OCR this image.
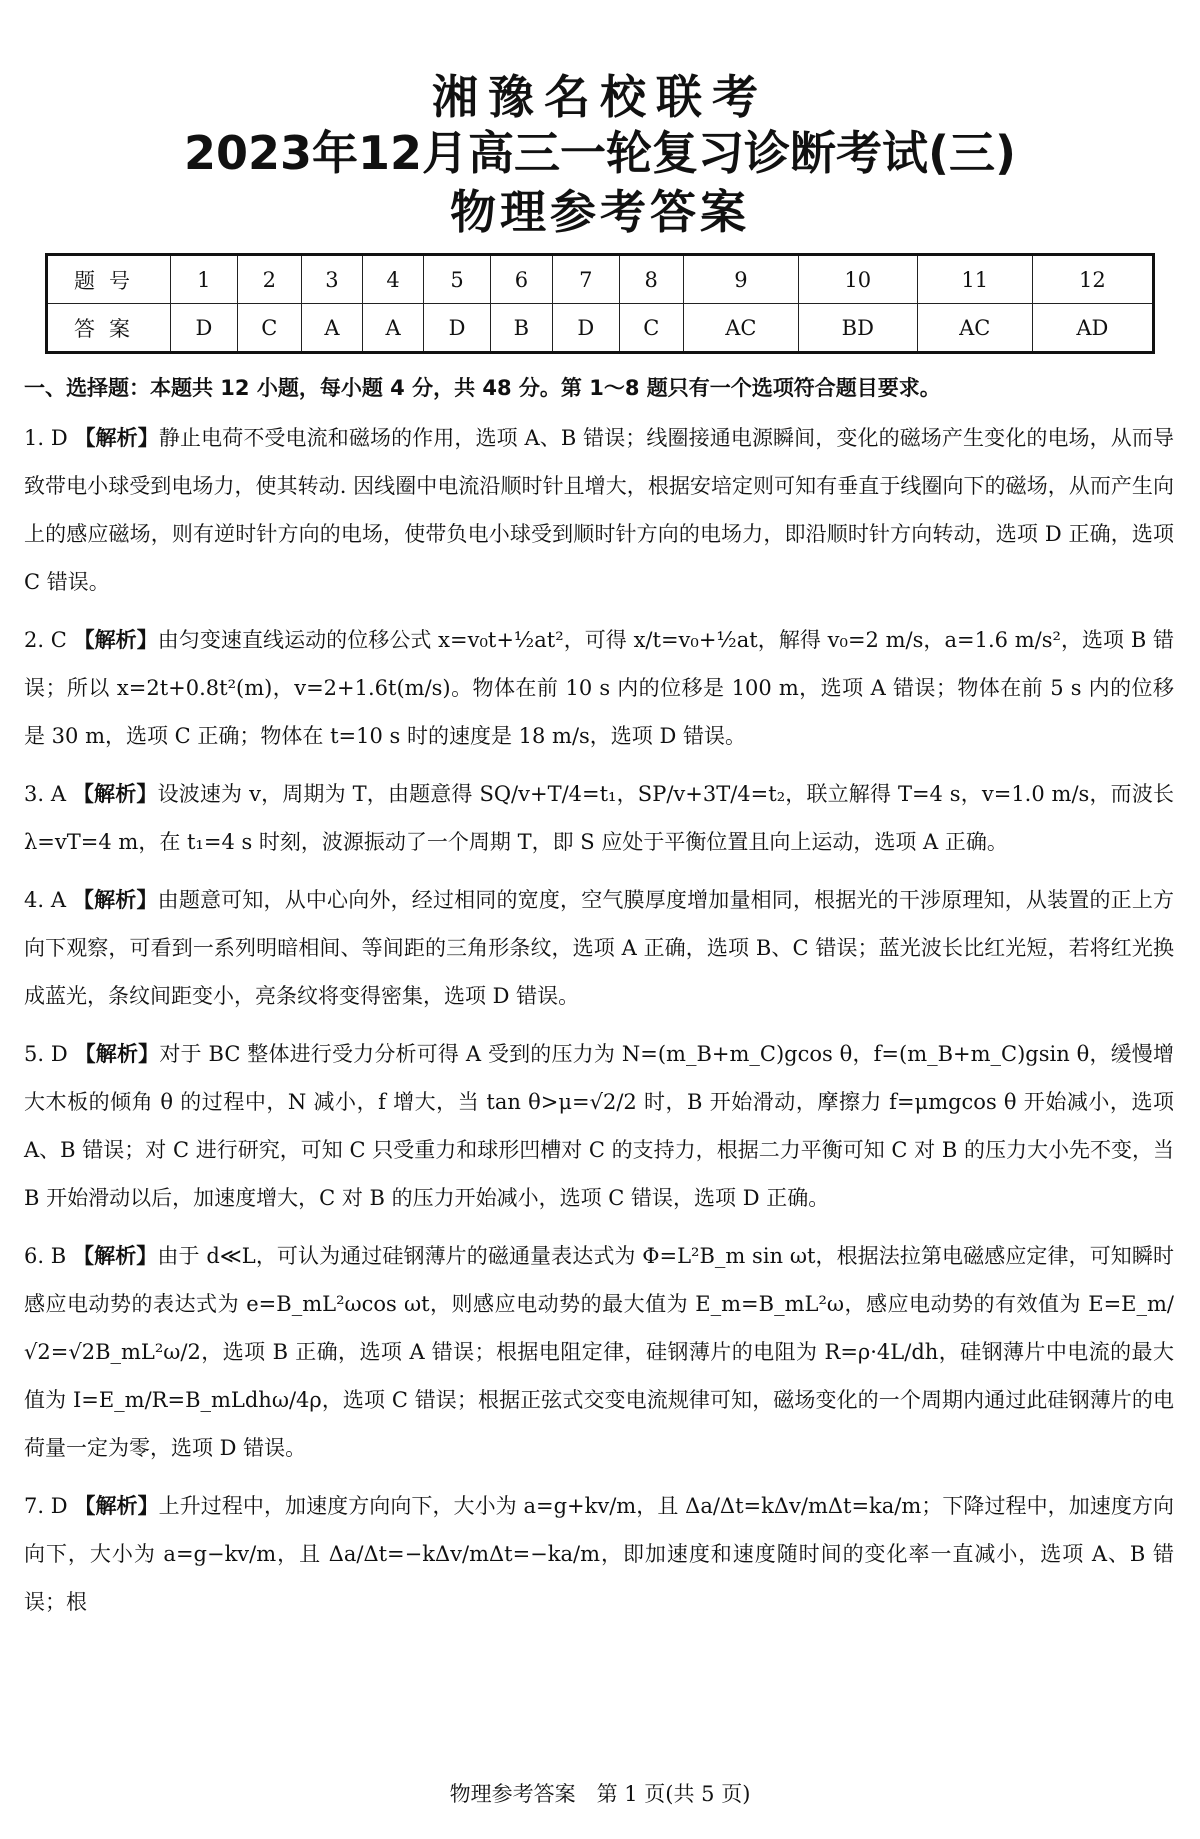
湘豫名校联考
2023年12月高三一轮复习诊断考试(三)
物理参考答案
题号	1	2	3	4	5	6	7	8	9	10	11	12
答案	D	C	A	A	D	B	D	C	AC	BD	AC	AD
一、选择题：本题共 12 小题，每小题 4 分，共 48 分。第 1～8 题只有一个选项符合题目要求。
1. D 【解析】静止电荷不受电流和磁场的作用，选项 A、B 错误；线圈接通电源瞬间，变化的磁场产生变化的电场，从而导致带电小球受到电场力，使其转动. 因线圈中电流沿顺时针且增大，根据安培定则可知有垂直于线圈向下的磁场，从而产生向上的感应磁场，则有逆时针方向的电场，使带负电小球受到顺时针方向的电场力，即沿顺时针方向转动，选项 D 正确，选项 C 错误。
2. C 【解析】由匀变速直线运动的位移公式 x=v₀t+½at²，可得 x/t=v₀+½at，解得 v₀=2 m/s，a=1.6 m/s²，选项 B 错误；所以 x=2t+0.8t²(m)，v=2+1.6t(m/s)。物体在前 10 s 内的位移是 100 m，选项 A 错误；物体在前 5 s 内的位移是 30 m，选项 C 正确；物体在 t=10 s 时的速度是 18 m/s，选项 D 错误。
3. A 【解析】设波速为 v，周期为 T，由题意得 SQ/v+T/4=t₁，SP/v+3T/4=t₂，联立解得 T=4 s，v=1.0 m/s，而波长 λ=vT=4 m，在 t₁=4 s 时刻，波源振动了一个周期 T，即 S 应处于平衡位置且向上运动，选项 A 正确。
4. A 【解析】由题意可知，从中心向外，经过相同的宽度，空气膜厚度增加量相同，根据光的干涉原理知，从装置的正上方向下观察，可看到一系列明暗相间、等间距的三角形条纹，选项 A 正确，选项 B、C 错误；蓝光波长比红光短，若将红光换成蓝光，条纹间距变小，亮条纹将变得密集，选项 D 错误。
5. D 【解析】对于 BC 整体进行受力分析可得 A 受到的压力为 N=(m_B+m_C)gcos θ，f=(m_B+m_C)gsin θ，缓慢增大木板的倾角 θ 的过程中，N 减小，f 增大，当 tan θ>μ=√2/2 时，B 开始滑动，摩擦力 f=μmgcos θ 开始减小，选项 A、B 错误；对 C 进行研究，可知 C 只受重力和球形凹槽对 C 的支持力，根据二力平衡可知 C 对 B 的压力大小先不变，当 B 开始滑动以后，加速度增大，C 对 B 的压力开始减小，选项 C 错误，选项 D 正确。
6. B 【解析】由于 d≪L，可认为通过硅钢薄片的磁通量表达式为 Φ=L²B_m sin ωt，根据法拉第电磁感应定律，可知瞬时感应电动势的表达式为 e=B_mL²ωcos ωt，则感应电动势的最大值为 E_m=B_mL²ω，感应电动势的有效值为 E=E_m/√2=√2B_mL²ω/2，选项 B 正确，选项 A 错误；根据电阻定律，硅钢薄片的电阻为 R=ρ·4L/dh，硅钢薄片中电流的最大值为 I=E_m/R=B_mLdhω/4ρ，选项 C 错误；根据正弦式交变电流规律可知，磁场变化的一个周期内通过此硅钢薄片的电荷量一定为零，选项 D 错误。
7. D 【解析】上升过程中，加速度方向向下，大小为 a=g+kv/m，且 Δa/Δt=kΔv/mΔt=ka/m；下降过程中，加速度方向向下，大小为 a=g−kv/m，且 Δa/Δt=−kΔv/mΔt=−ka/m，即加速度和速度随时间的变化率一直减小，选项 A、B 错误；根
物理参考答案　第 1 页(共 5 页)
